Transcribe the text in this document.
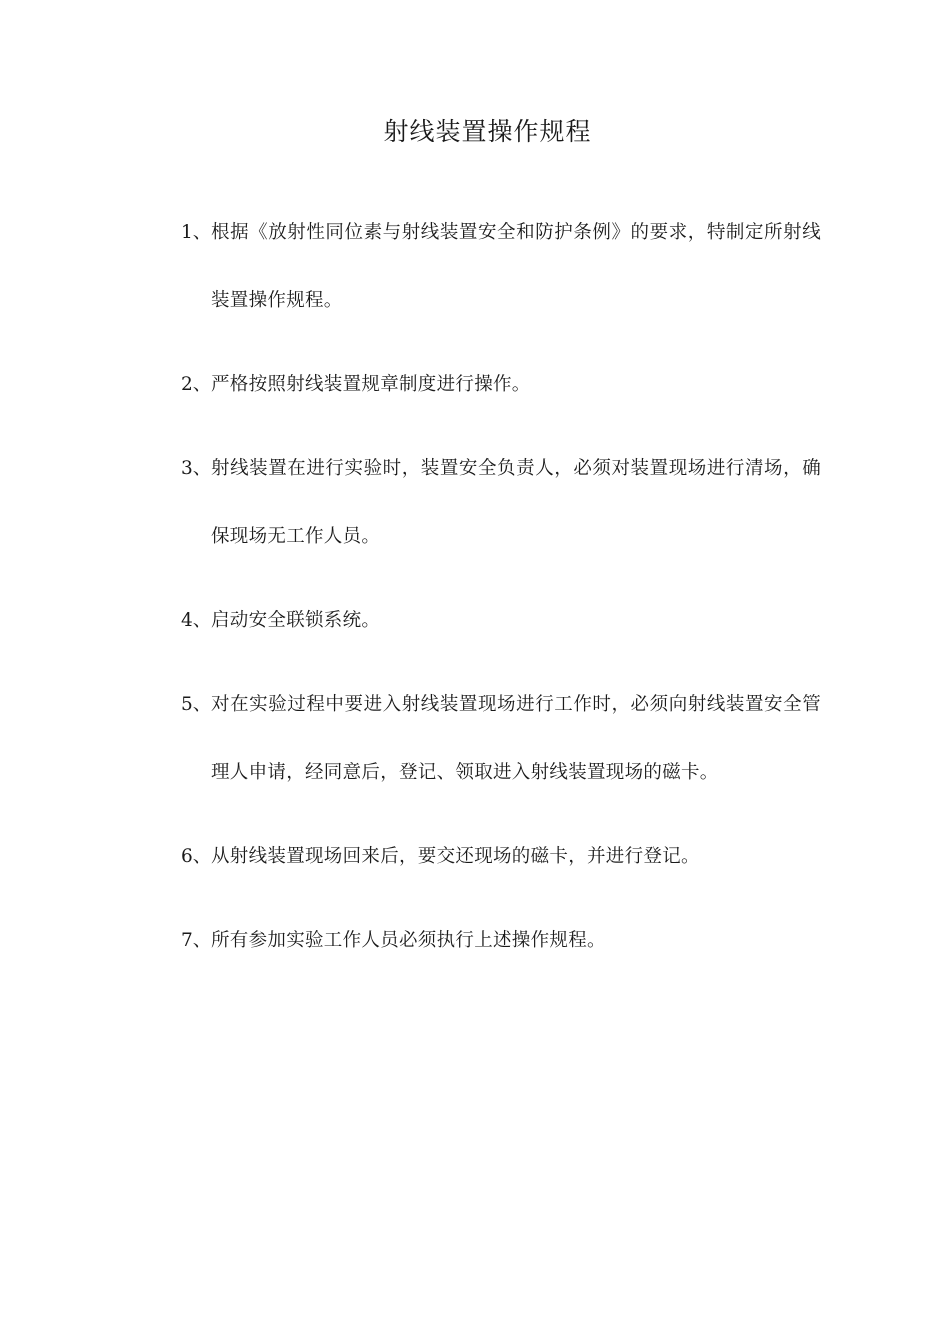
射线装置操作规程
1、 根据《放射性同位素与射线装置安全和防护条例》的要求，特制定所射线装置操作规程。
2、 严格按照射线装置规章制度进行操作。
3、 射线装置在进行实验时，装置安全负责人，必须对装置现场进行清场，确保现场无工作人员。
4、 启动安全联锁系统。
5、 对在实验过程中要进入射线装置现场进行工作时，必须向射线装置安全管理人申请，经同意后，登记、领取进入射线装置现场的磁卡。
6、 从射线装置现场回来后，要交还现场的磁卡，并进行登记。
7、 所有参加实验工作人员必须执行上述操作规程。
